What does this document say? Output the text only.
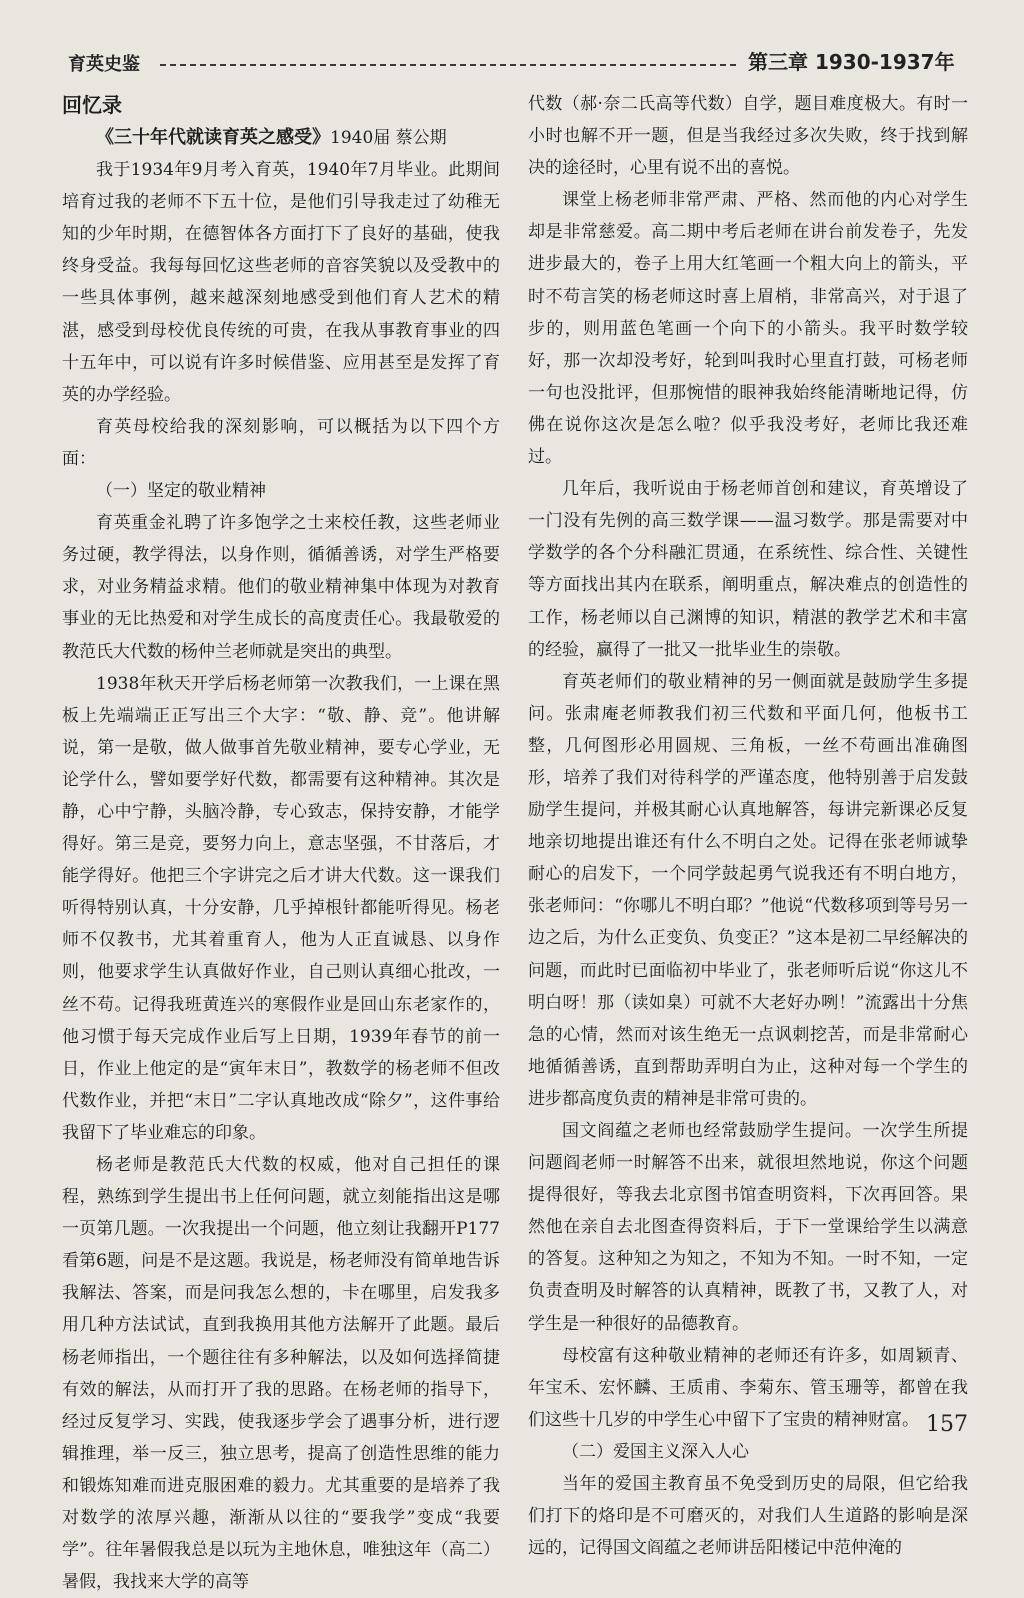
育英史鉴	第三章 1930-1937年
回忆录

《三十年代就读育英之感受》1940届 蔡公期

我于1934年9月考入育英，1940年7月毕业。此期间培育过我的老师不下五十位，是他们引导我走过了幼稚无知的少年时期，在德智体各方面打下了良好的基础，使我终身受益。我每每回忆这些老师的音容笑貌以及受教中的一些具体事例，越来越深刻地感受到他们育人艺术的精湛，感受到母校优良传统的可贵，在我从事教育事业的四十五年中，可以说有许多时候借鉴、应用甚至是发挥了育英的办学经验。

育英母校给我的深刻影响，可以概括为以下四个方面：

（一）坚定的敬业精神

育英重金礼聘了许多饱学之士来校任教，这些老师业务过硬，教学得法，以身作则，循循善诱，对学生严格要求，对业务精益求精。他们的敬业精神集中体现为对教育事业的无比热爱和对学生成长的高度责任心。我最敬爱的教范氏大代数的杨仲兰老师就是突出的典型。

1938年秋天开学后杨老师第一次教我们，一上课在黑板上先端端正正写出三个大字：“敬、静、竞”。他讲解说，第一是敬，做人做事首先敬业精神，要专心学业，无论学什么，譬如要学好代数，都需要有这种精神。其次是静，心中宁静，头脑冷静，专心致志，保持安静，才能学得好。第三是竞，要努力向上，意志坚强，不甘落后，才能学得好。他把三个字讲完之后才讲大代数。这一课我们听得特别认真，十分安静，几乎掉根针都能听得见。杨老师不仅教书，尤其着重育人，他为人正直诚恳、以身作则，他要求学生认真做好作业，自己则认真细心批改，一丝不苟。记得我班黄连兴的寒假作业是回山东老家作的，他习惯于每天完成作业后写上日期，1939年春节的前一日，作业上他定的是“寅年末日”，教数学的杨老师不但改代数作业，并把“末日”二字认真地改成“除夕”，这件事给我留下了毕业难忘的印象。

杨老师是教范氏大代数的权威，他对自己担任的课程，熟练到学生提出书上任何问题，就立刻能指出这是哪一页第几题。一次我提出一个问题，他立刻让我翻开P177看第6题，问是不是这题。我说是，杨老师没有简单地告诉我解法、答案，而是问我怎么想的，卡在哪里，启发我多用几种方法试试，直到我换用其他方法解开了此题。最后杨老师指出，一个题往往有多种解法，以及如何选择简捷有效的解法，从而打开了我的思路。在杨老师的指导下，经过反复学习、实践，使我逐步学会了遇事分析，进行逻辑推理，举一反三，独立思考，提高了创造性思维的能力和锻炼知难而进克服困难的毅力。尤其重要的是培养了我对数学的浓厚兴趣，渐渐从以往的“要我学”变成“我要学”。往年暑假我总是以玩为主地休息，唯独这年（高二）暑假，我找来大学的高等

代数（郝·奈二氏高等代数）自学，题目难度极大。有时一小时也解不开一题，但是当我经过多次失败，终于找到解决的途径时，心里有说不出的喜悦。

课堂上杨老师非常严肃、严格、然而他的内心对学生却是非常慈爱。高二期中考后老师在讲台前发卷子，先发进步最大的，卷子上用大红笔画一个粗大向上的箭头，平时不苟言笑的杨老师这时喜上眉梢，非常高兴，对于退了步的，则用蓝色笔画一个向下的小箭头。我平时数学较好，那一次却没考好，轮到叫我时心里直打鼓，可杨老师一句也没批评，但那惋惜的眼神我始终能清晰地记得，仿佛在说你这次是怎么啦？似乎我没考好，老师比我还难过。

几年后，我听说由于杨老师首创和建议，育英增设了一门没有先例的高三数学课——温习数学。那是需要对中学数学的各个分科融汇贯通，在系统性、综合性、关键性等方面找出其内在联系，阐明重点，解决难点的创造性的工作，杨老师以自己渊博的知识，精湛的教学艺术和丰富的经验，赢得了一批又一批毕业生的崇敬。

育英老师们的敬业精神的另一侧面就是鼓励学生多提问。张肃庵老师教我们初三代数和平面几何，他板书工整，几何图形必用圆规、三角板，一丝不苟画出准确图形，培养了我们对待科学的严谨态度，他特别善于启发鼓励学生提问，并极其耐心认真地解答，每讲完新课必反复地亲切地提出谁还有什么不明白之处。记得在张老师诚挚耐心的启发下，一个同学鼓起勇气说我还有不明白地方，张老师问：“你哪儿不明白耶？”他说“代数移项到等号另一边之后，为什么正变负、负变正？”这本是初二早经解决的问题，而此时已面临初中毕业了，张老师听后说“你这儿不明白呀！那（读如臬）可就不大老好办咧！”流露出十分焦急的心情，然而对该生绝无一点讽刺挖苦，而是非常耐心地循循善诱，直到帮助弄明白为止，这种对每一个学生的进步都高度负责的精神是非常可贵的。

国文阎蕴之老师也经常鼓励学生提问。一次学生所提问题阎老师一时解答不出来，就很坦然地说，你这个问题提得很好，等我去北京图书馆查明资料，下次再回答。果然他在亲自去北图查得资料后，于下一堂课给学生以满意的答复。这种知之为知之，不知为不知。一时不知，一定负责查明及时解答的认真精神，既教了书，又教了人，对学生是一种很好的品德教育。

母校富有这种敬业精神的老师还有许多，如周颖青、年宝禾、宏怀麟、王质甫、李菊东、管玉珊等，都曾在我们这些十几岁的中学生心中留下了宝贵的精神财富。

（二）爱国主义深入人心

当年的爱国主教育虽不免受到历史的局限，但它给我们打下的烙印是不可磨灭的，对我们人生道路的影响是深远的，记得国文阎蕴之老师讲岳阳楼记中范仲淹的

157
